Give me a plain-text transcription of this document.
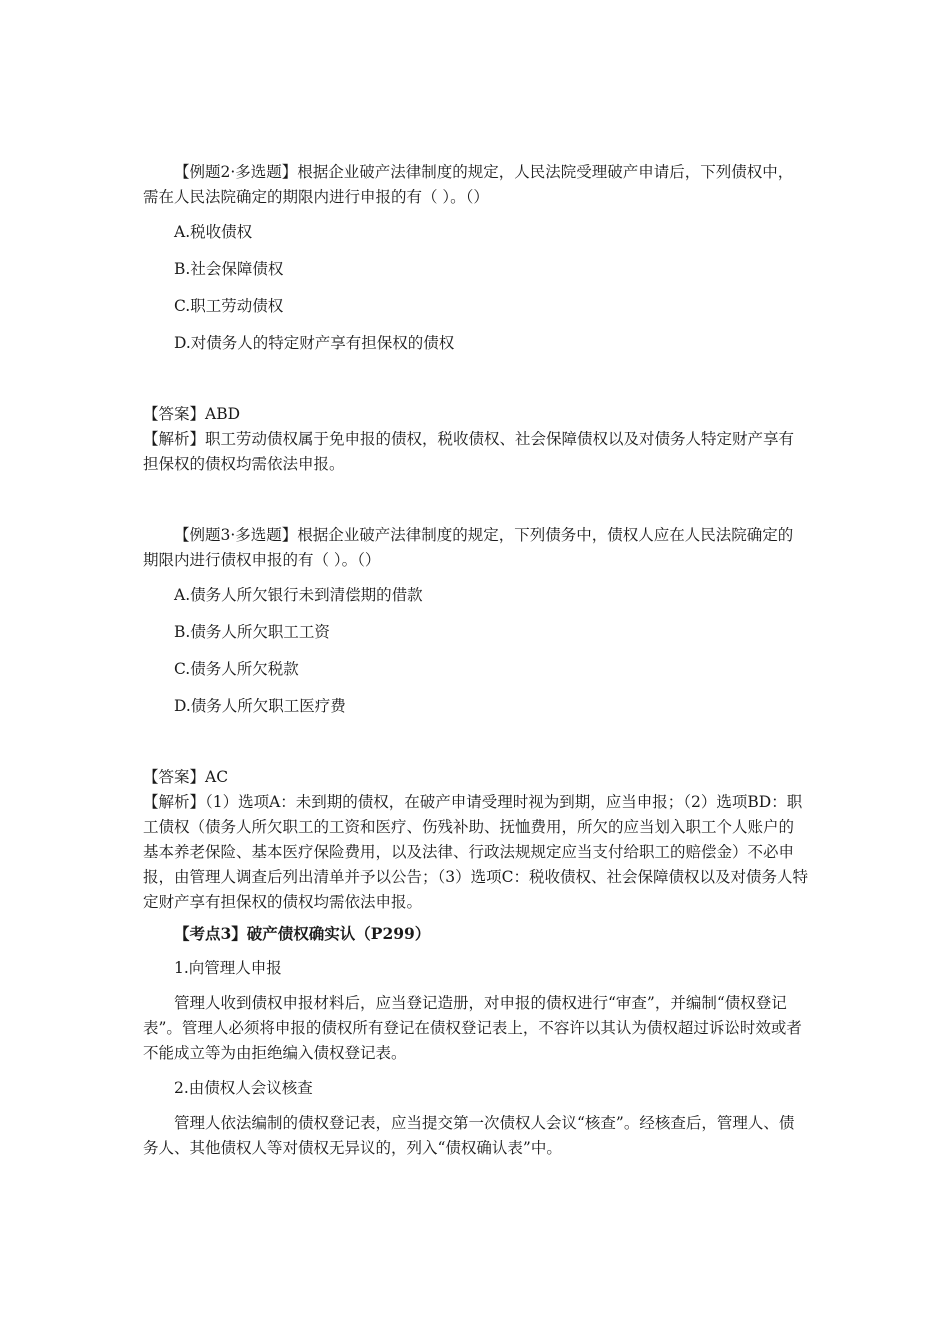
【例题2·多选题】根据企业破产法律制度的规定，人民法院受理破产申请后，下列债权中，需在人民法院确定的期限内进行申报的有（ ）。（）

A.税收债权

B.社会保障债权

C.职工劳动债权

D.对债务人的特定财产享有担保权的债权

【答案】ABD

【解析】职工劳动债权属于免申报的债权，税收债权、社会保障债权以及对债务人特定财产享有担保权的债权均需依法申报。

【例题3·多选题】根据企业破产法律制度的规定，下列债务中，债权人应在人民法院确定的期限内进行债权申报的有（ ）。（）

A.债务人所欠银行未到清偿期的借款

B.债务人所欠职工工资

C.债务人所欠税款

D.债务人所欠职工医疗费

【答案】AC

【解析】（1）选项A：未到期的债权，在破产申请受理时视为到期，应当申报；（2）选项BD：职工债权（债务人所欠职工的工资和医疗、伤残补助、抚恤费用，所欠的应当划入职工个人账户的基本养老保险、基本医疗保险费用，以及法律、行政法规规定应当支付给职工的赔偿金）不必申报，由管理人调查后列出清单并予以公告；（3）选项C：税收债权、社会保障债权以及对债务人特定财产享有担保权的债权均需依法申报。

【考点3】破产债权确实认（P299）

1.向管理人申报

管理人收到债权申报材料后，应当登记造册，对申报的债权进行“审查”，并编制“债权登记表”。管理人必须将申报的债权所有登记在债权登记表上，不容许以其认为债权超过诉讼时效或者不能成立等为由拒绝编入债权登记表。

2.由债权人会议核查

管理人依法编制的债权登记表，应当提交第一次债权人会议“核查”。经核查后，管理人、债务人、其他债权人等对债权无异议的，列入“债权确认表”中。
